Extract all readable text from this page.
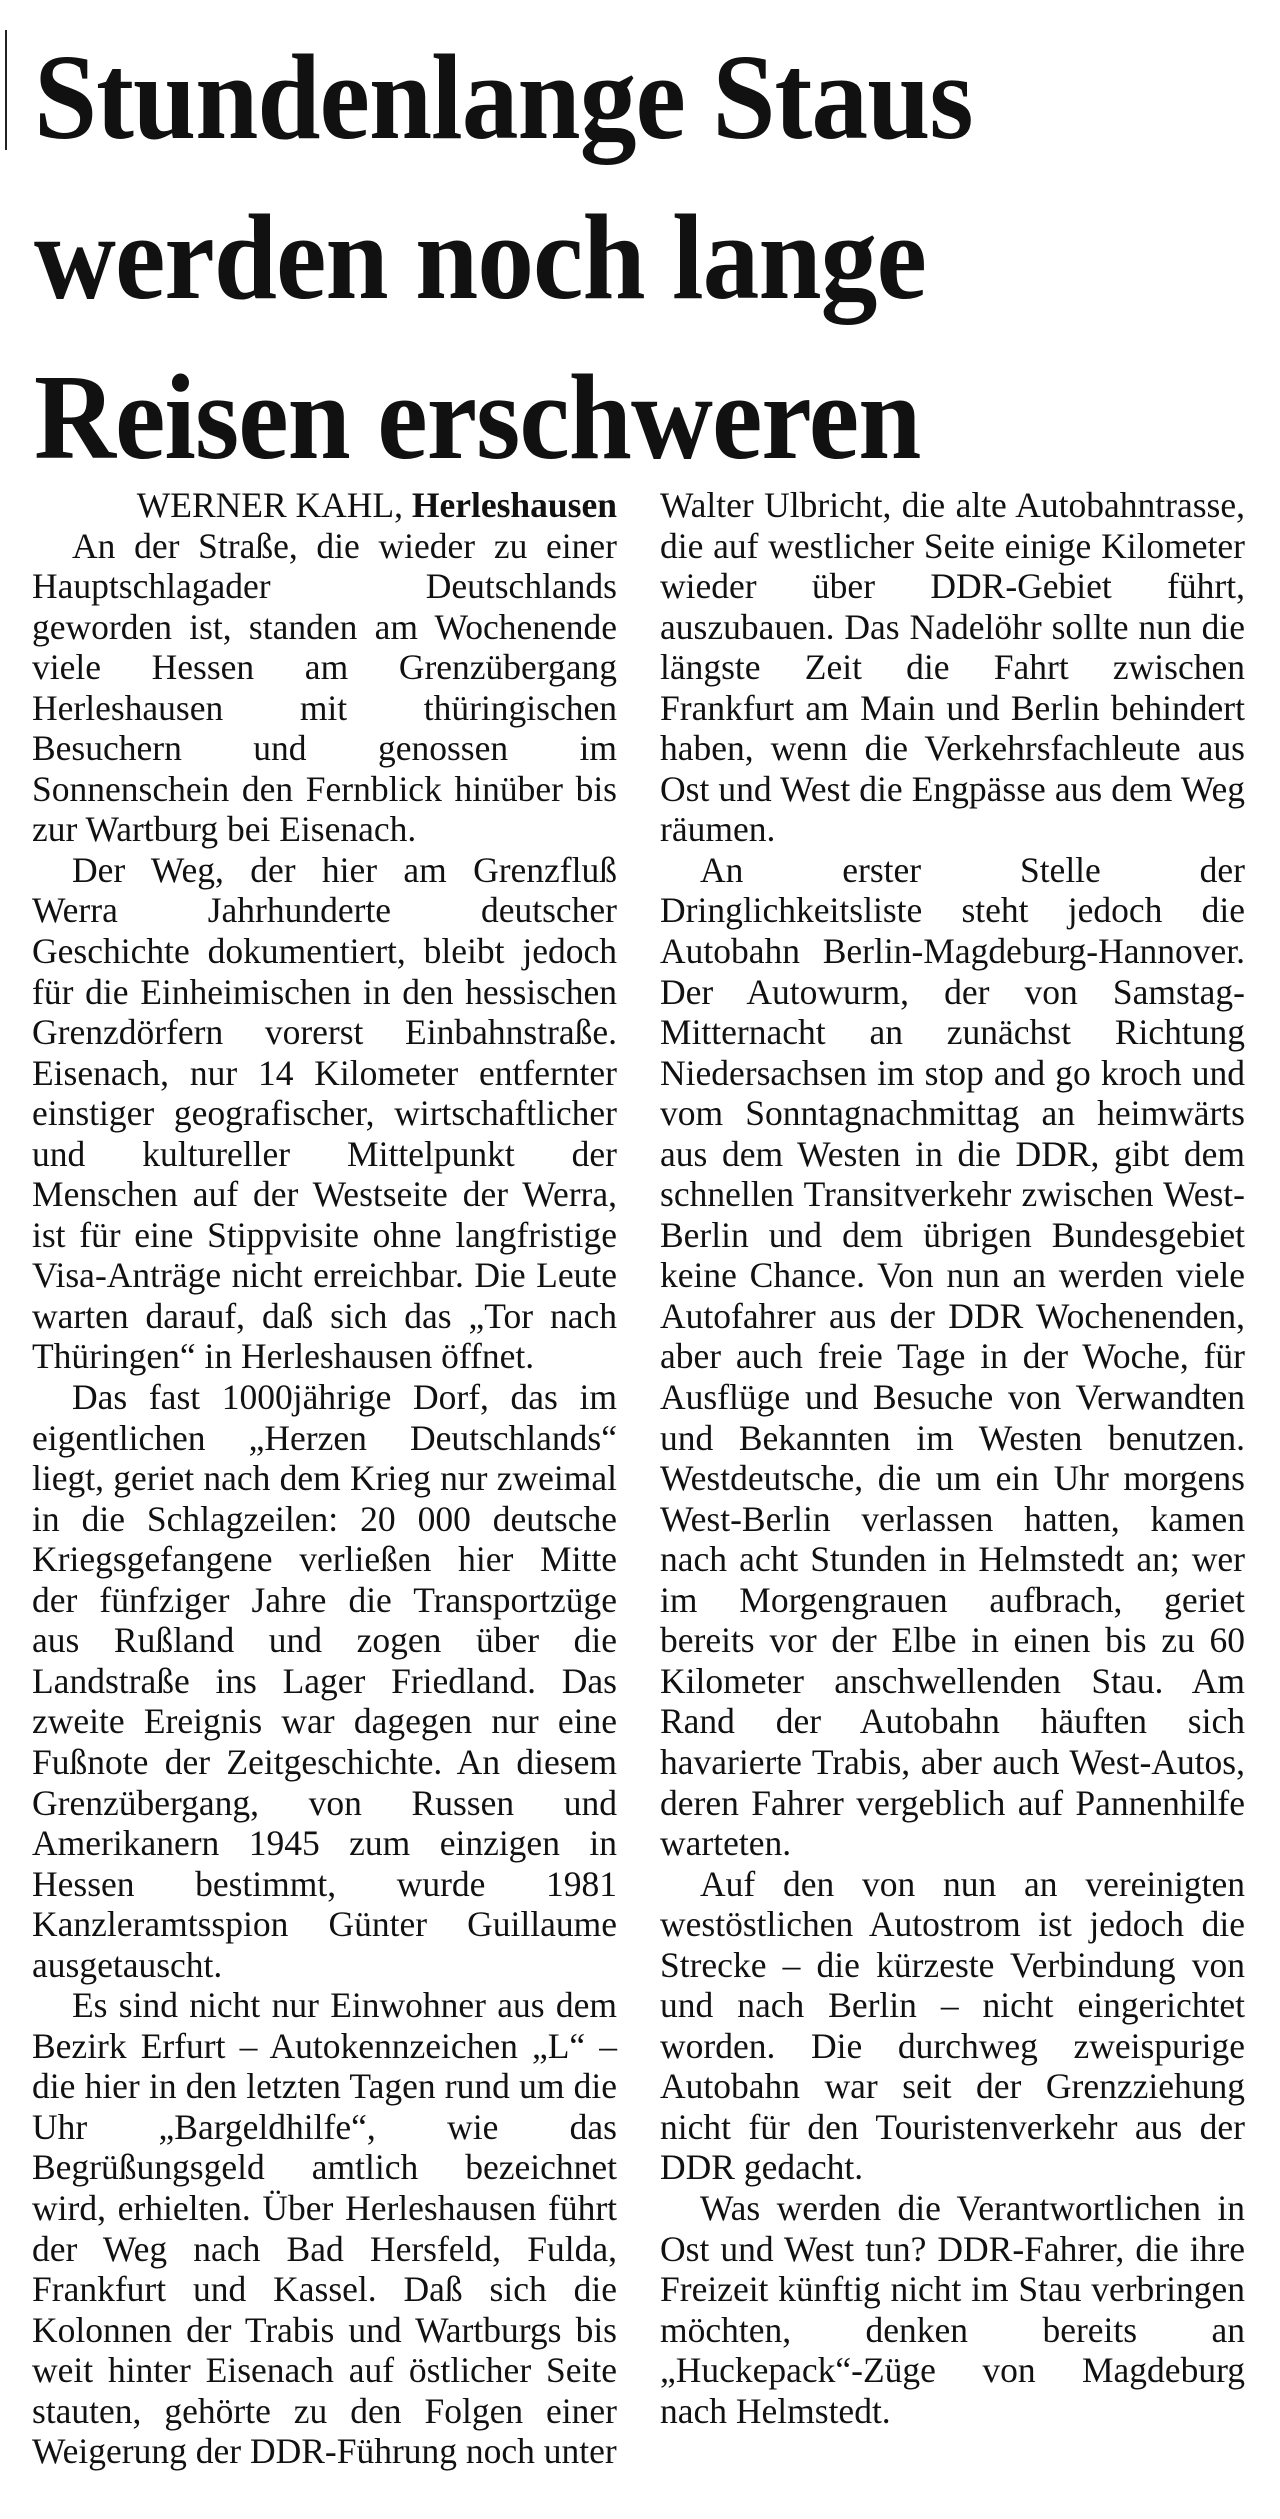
Stundenlange Staus
werden noch lange
Reisen erschweren

WERNER KAHL, Herleshausen

An der Straße, die wieder zu einer Hauptschlagader Deutschlands geworden ist, standen am Wochenende viele Hessen am Grenzübergang Herleshausen mit thüringischen Besuchern und genossen im Sonnenschein den Fernblick hinüber bis zur Wartburg bei Eisenach.

Der Weg, der hier am Grenzfluß Werra Jahrhunderte deutscher Geschichte dokumentiert, bleibt jedoch für die Einheimischen in den hessischen Grenzdörfern vorerst Einbahnstraße. Eisenach, nur 14 Kilometer entfernter einstiger geografischer, wirtschaftlicher und kultureller Mittelpunkt der Menschen auf der Westseite der Werra, ist für eine Stippvisite ohne langfristige Visa-Anträge nicht erreichbar. Die Leute warten darauf, daß sich das „Tor nach Thüringen“ in Herleshausen öffnet.

Das fast 1000jährige Dorf, das im eigentlichen „Herzen Deutschlands“ liegt, geriet nach dem Krieg nur zweimal in die Schlagzeilen: 20 000 deutsche Kriegsgefangene verließen hier Mitte der fünfziger Jahre die Transportzüge aus Rußland und zogen über die Landstraße ins Lager Friedland. Das zweite Ereignis war dagegen nur eine Fußnote der Zeitgeschichte. An diesem Grenzübergang, von Russen und Amerikanern 1945 zum einzigen in Hessen bestimmt, wurde 1981 Kanzleramtsspion Günter Guillaume ausgetauscht.

Es sind nicht nur Einwohner aus dem Bezirk Erfurt – Autokennzeichen „L“ – die hier in den letzten Tagen rund um die Uhr „Bargeldhilfe“, wie das Begrüßungsgeld amtlich bezeichnet wird, erhielten. Über Herleshausen führt der Weg nach Bad Hersfeld, Fulda, Frankfurt und Kassel. Daß sich die Kolonnen der Trabis und Wartburgs bis weit hinter Eisenach auf östlicher Seite stauten, gehörte zu den Folgen einer Weigerung der DDR-Führung noch unter

Walter Ulbricht, die alte Autobahntrasse, die auf westlicher Seite einige Kilometer wieder über DDR-Gebiet führt, auszubauen. Das Nadelöhr sollte nun die längste Zeit die Fahrt zwischen Frankfurt am Main und Berlin behindert haben, wenn die Verkehrsfachleute aus Ost und West die Engpässe aus dem Weg räumen.

An erster Stelle der Dringlichkeitsliste steht jedoch die Autobahn Berlin-Magdeburg-Hannover. Der Autowurm, der von Samstag-Mitternacht an zunächst Richtung Niedersachsen im stop and go kroch und vom Sonntagnachmittag an heimwärts aus dem Westen in die DDR, gibt dem schnellen Transitverkehr zwischen West-Berlin und dem übrigen Bundesgebiet keine Chance. Von nun an werden viele Autofahrer aus der DDR Wochenenden, aber auch freie Tage in der Woche, für Ausflüge und Besuche von Verwandten und Bekannten im Westen benutzen. Westdeutsche, die um ein Uhr morgens West-Berlin verlassen hatten, kamen nach acht Stunden in Helmstedt an; wer im Morgengrauen aufbrach, geriet bereits vor der Elbe in einen bis zu 60 Kilometer anschwellenden Stau. Am Rand der Autobahn häuften sich havarierte Trabis, aber auch West-Autos, deren Fahrer vergeblich auf Pannenhilfe warteten.

Auf den von nun an vereinigten westöstlichen Autostrom ist jedoch die Strecke – die kürzeste Verbindung von und nach Berlin – nicht eingerichtet worden. Die durchweg zweispurige Autobahn war seit der Grenzziehung nicht für den Touristenverkehr aus der DDR gedacht.

Was werden die Verantwortlichen in Ost und West tun? DDR-Fahrer, die ihre Freizeit künftig nicht im Stau verbringen möchten, denken bereits an „Huckepack“-Züge von Magdeburg nach Helmstedt.
